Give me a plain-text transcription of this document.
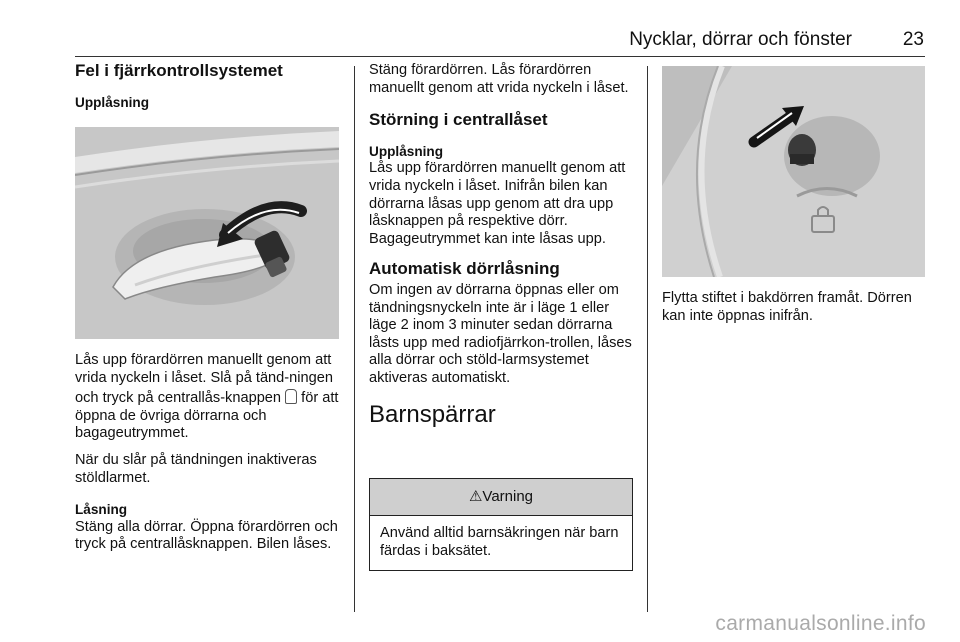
Nycklar, dörrar och fönster	23
Fel i fjärrkontrollsystemet
Upplåsning

Lås upp förardörren manuellt genom att vrida nyckeln i låset. Slå på tänd-ningen och tryck på centrallås-knappen för att öppna de övriga dörrarna och bagageutrymmet.

När du slår på tändningen inaktiveras stöldlarmet.

Låsning

Stäng alla dörrar. Öppna förardörren och tryck på centrallåsknappen. Bilen låses.

Stäng förardörren. Lås förardörren manuellt genom att vrida nyckeln i låset.

Störning i centrallåset
Upplåsning

Lås upp förardörren manuellt genom att vrida nyckeln i låset. Inifrån bilen kan dörrarna låsas upp genom att dra upp låsknappen på respektive dörr. Bagageutrymmet kan inte låsas upp.

Automatisk dörrlåsning

Om ingen av dörrarna öppnas eller om tändningsnyckeln inte är i läge 1 eller läge 2 inom 3 minuter sedan dörrarna låsts upp med radiofjärrkon-trollen, låses alla dörrar och stöld-larmsystemet aktiveras automatiskt.

Barnspärrar
⚠Varning
Använd alltid barnsäkringen när barn färdas i baksätet.

Flytta stiftet i bakdörren framåt. Dörren kan inte öppnas inifrån.

carmanualsonline.info
